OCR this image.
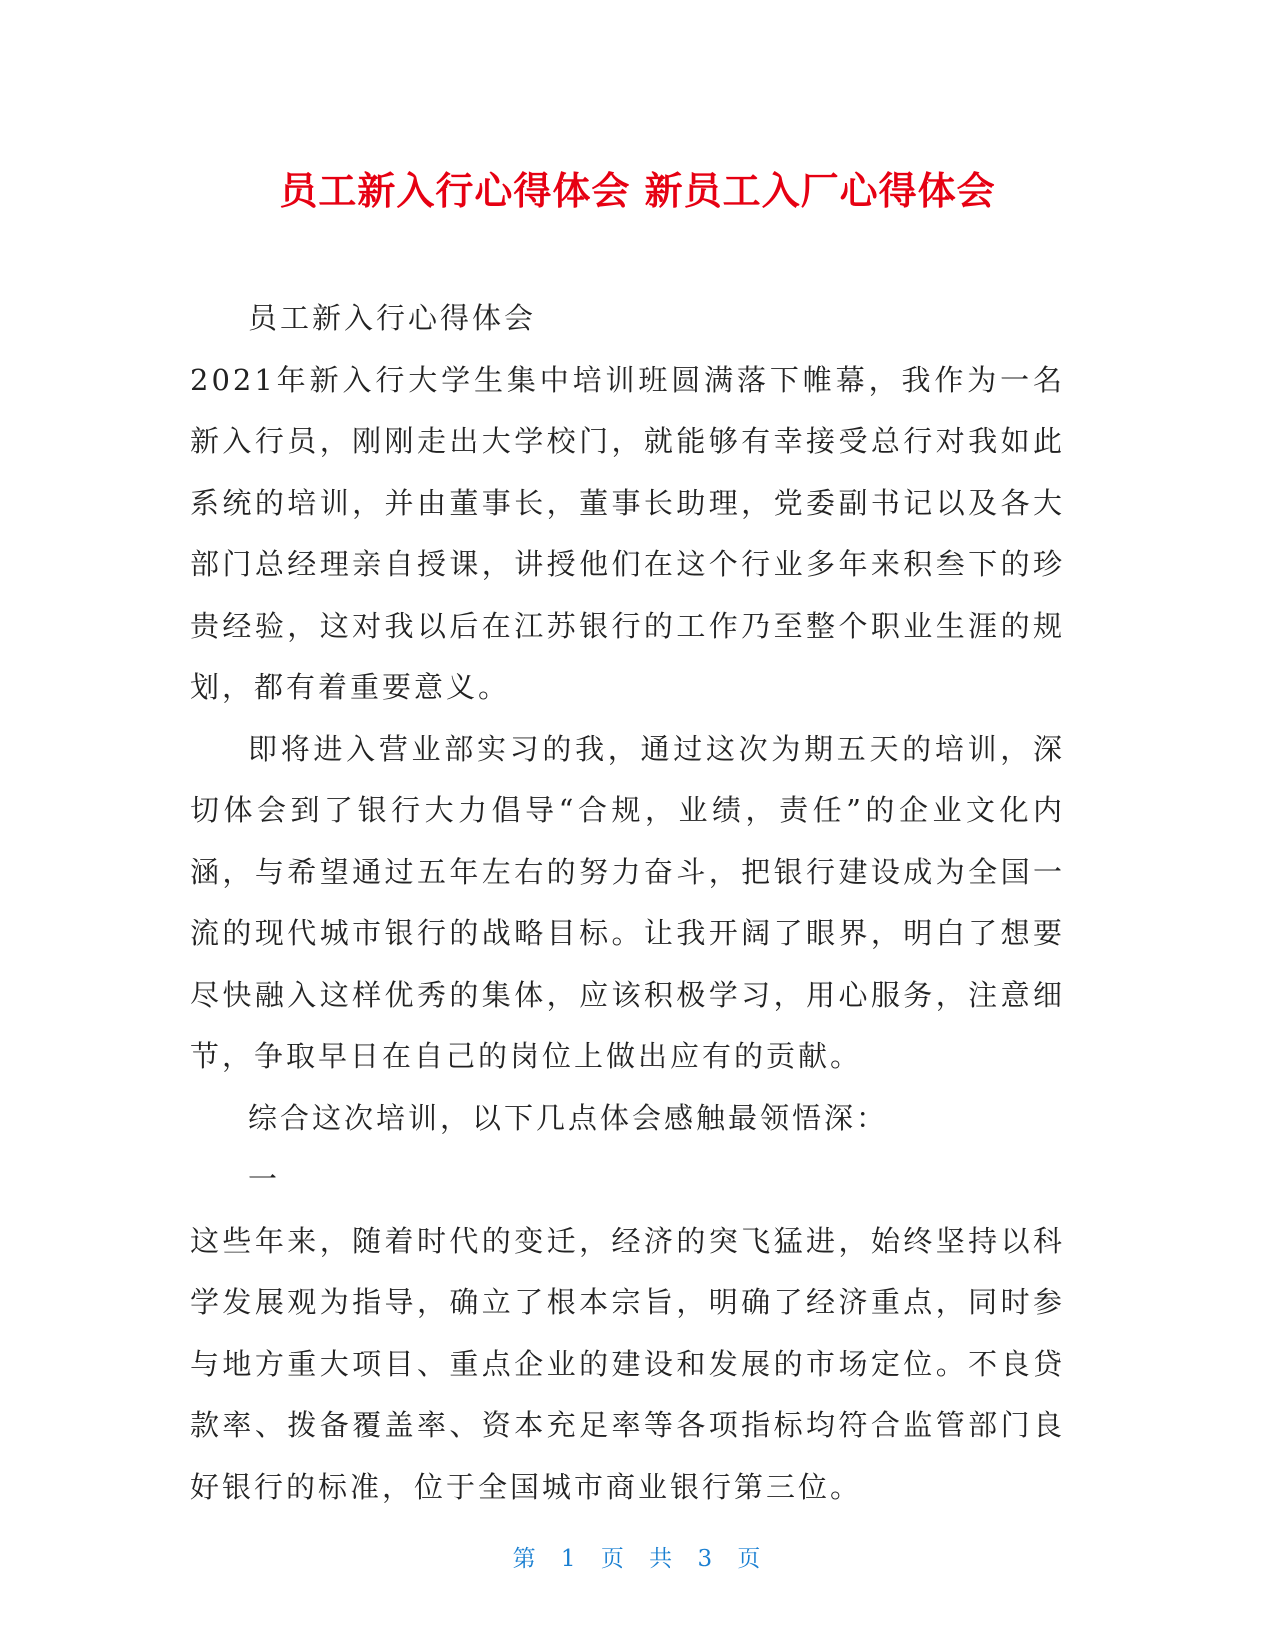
员工新入行心得体会 新员工入厂心得体会

员工新入行心得体会

2021年新入行大学生集中培训班圆满落下帷幕，我作为一名新入行员，刚刚走出大学校门，就能够有幸接受总行对我如此系统的培训，并由董事长，董事长助理，党委副书记以及各大部门总经理亲自授课，讲授他们在这个行业多年来积叁下的珍贵经验，这对我以后在江苏银行的工作乃至整个职业生涯的规划，都有着重要意义。

即将进入营业部实习的我，通过这次为期五天的培训，深切体会到了银行大力倡导“合规，业绩，责任”的企业文化内涵，与希望通过五年左右的努力奋斗，把银行建设成为全国一流的现代城市银行的战略目标。让我开阔了眼界，明白了想要尽快融入这样优秀的集体，应该积极学习，用心服务，注意细节，争取早日在自己的岗位上做出应有的贡献。

综合这次培训，以下几点体会感触最领悟深：

一

这些年来，随着时代的变迁，经济的突飞猛进，始终坚持以科学发展观为指导，确立了根本宗旨，明确了经济重点，同时参与地方重大项目、重点企业的建设和发展的市场定位。不良贷款率、拨备覆盖率、资本充足率等各项指标均符合监管部门良好银行的标准，位于全国城市商业银行第三位。

第 1 页 共 3 页
